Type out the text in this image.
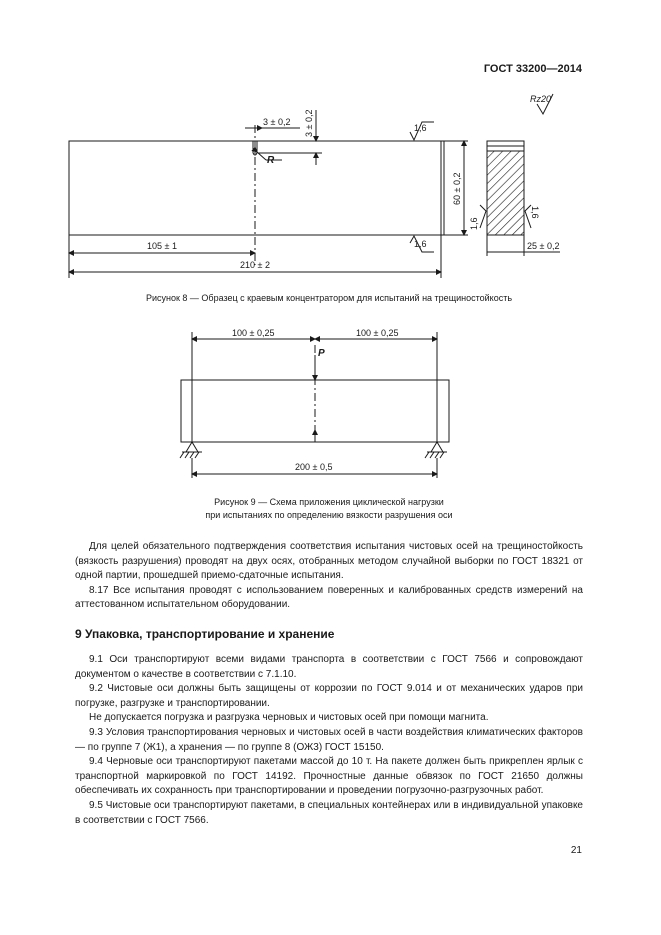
ГОСТ 33200—2014
3 ± 0,2 3 ± 0,2
R
1,6
1,6
60 ± 0,2
1,6
1,6
Rz20
105 ± 1
210 ± 2
25 ± 0,2
100 ± 0,25	100 ± 0,25
P
200 ± 0,5
Рисунок 8 — Образец с краевым концентратором для испытаний на трещиностойкость
Рисунок 9 — Схема приложения циклической нагрузки
при испытаниях по определению вязкости разрушения оси

Для целей обязательного подтверждения соответствия испытания чистовых осей на трещиностойкость (вязкость разрушения) проводят на двух осях, отобранных методом случайной выборки по ГОСТ 18321 от одной партии, прошедшей приемо-сдаточные испытания.

8.17 Все испытания проводят с использованием поверенных и калиброванных средств измерений на аттестованном испытательном оборудовании.

9 Упаковка, транспортирование и хранение

9.1 Оси транспортируют всеми видами транспорта в соответствии с ГОСТ 7566 и сопровождают документом о качестве в соответствии с 7.1.10.

9.2 Чистовые оси должны быть защищены от коррозии по ГОСТ 9.014 и от механических ударов при погрузке, разгрузке и транспортировании.

Не допускается погрузка и разгрузка черновых и чистовых осей при помощи магнита.

9.3 Условия транспортирования черновых и чистовых осей в части воздействия климатических факторов — по группе 7 (Ж1), а хранения — по группе 8 (ОЖ3) ГОСТ 15150.

9.4 Черновые оси транспортируют пакетами массой до 10 т. На пакете должен быть прикреплен ярлык с транспортной маркировкой по ГОСТ 14192. Прочностные данные обвязок по ГОСТ 21650 должны обеспечивать их сохранность при транспортировании и проведении погрузочно-разгрузочных работ.

9.5 Чистовые оси транспортируют пакетами, в специальных контейнерах или в индивидуальной упаковке в соответствии с ГОСТ 7566.

21
